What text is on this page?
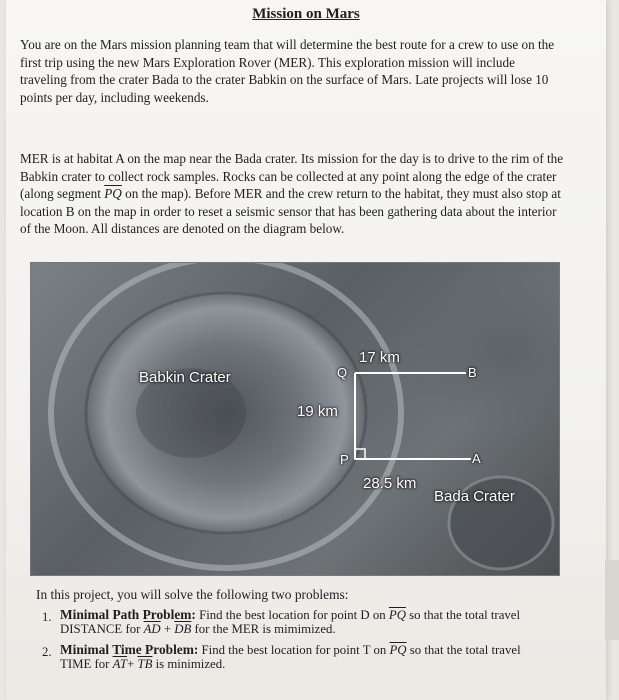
Mission on Mars
You are on the Mars mission planning team that will determine the best route for a crew to use on the first trip using the new Mars Exploration Rover (MER). This exploration mission will include traveling from the crater Bada to the crater Babkin on the surface of Mars. Late projects will lose 10 points per day, including weekends.
MER is at habitat A on the map near the Bada crater. Its mission for the day is to drive to the rim of the Babkin crater to collect rock samples. Rocks can be collected at any point along the edge of the crater (along segment $\overline{PQ}$ on the map). Before MER and the crew return to the habitat, they must also stop at location B on the map in order to reset a seismic sensor that has been gathering data about the interior of the Moon. All distances are denoted on the diagram below.
Babkin Crater
Bada Crater
Q
P
B
A
17 km
19 km
28.5 km
In this project, you will solve the following two problems:
1. Minimal Path Problem: Find the best location for point D on $\overline{PQ}$ so that the total travel DISTANCE for $\overline{AD} + \overline{DB}$ for the MER is mimimized.
2. Minimal Time Problem: Find the best location for point T on $\overline{PQ}$ so that the total travel TIME for $\overline{AT}+ \overline{TB}$ is minimized.
